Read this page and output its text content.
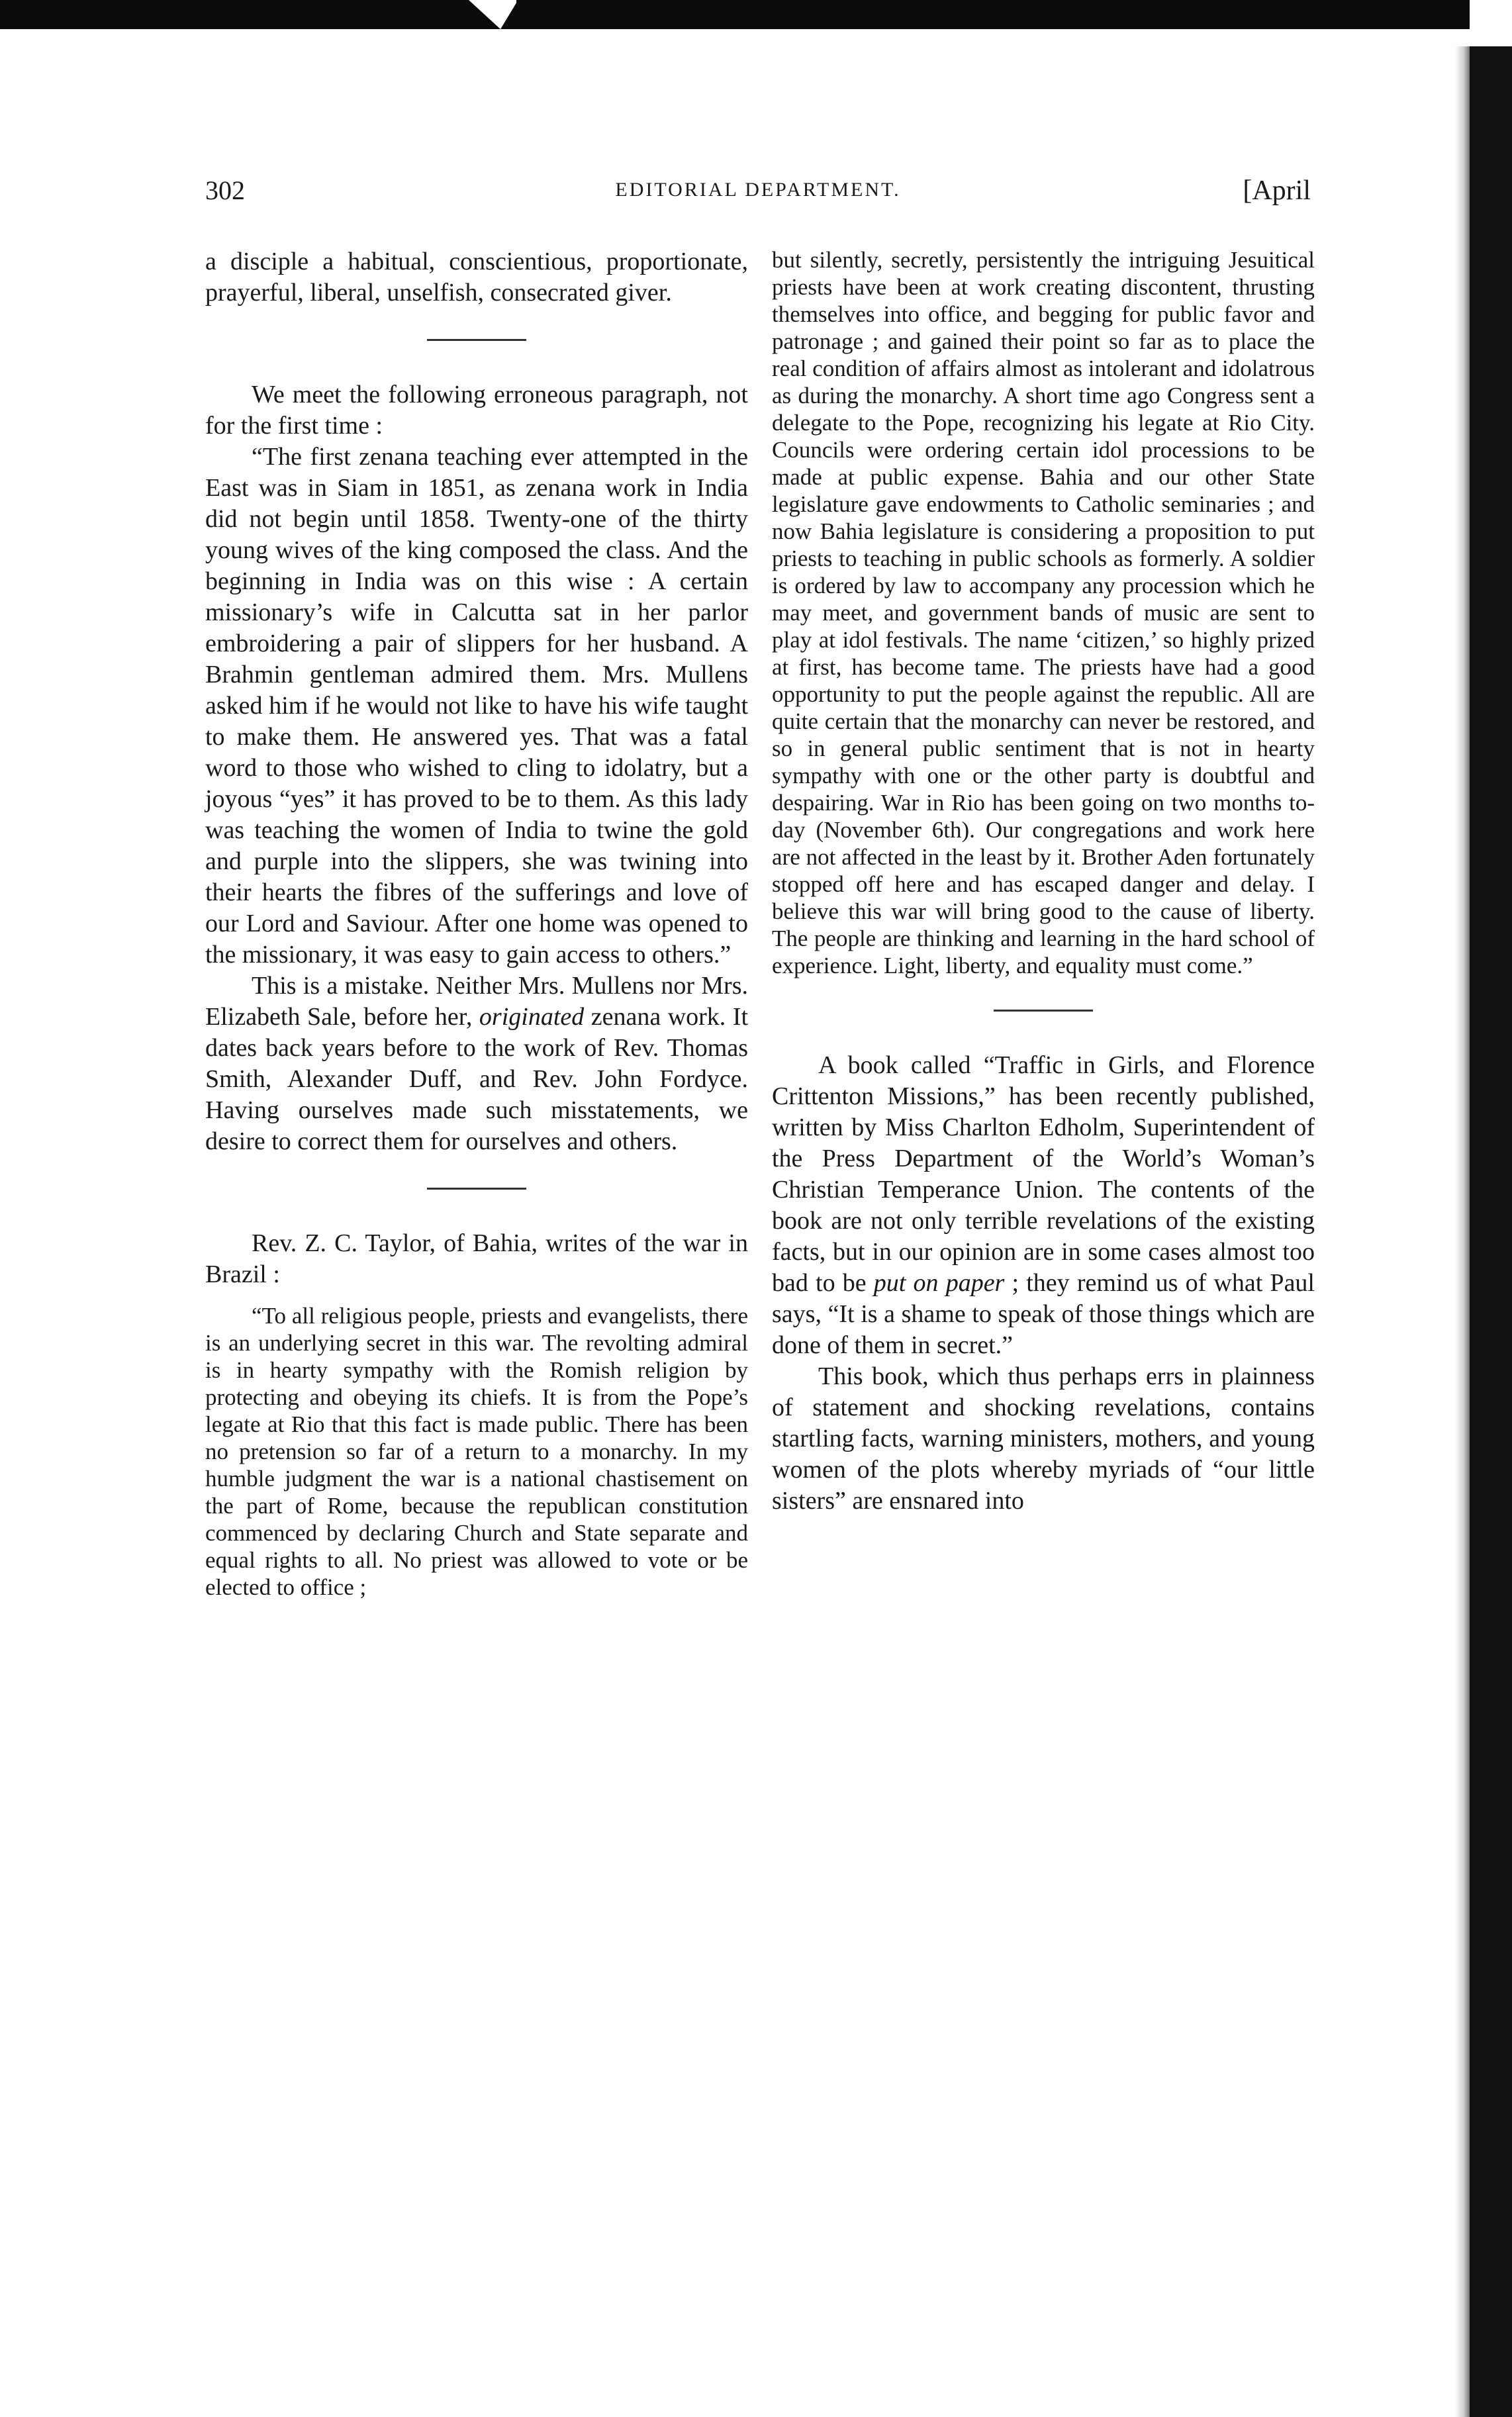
302	EDITORIAL DEPARTMENT.	[April

a disciple a habitual, conscientious, proportionate, prayerful, liberal, unselfish, consecrated giver.

We meet the following erroneous paragraph, not for the first time :

“The first zenana teaching ever attempted in the East was in Siam in 1851, as zenana work in India did not begin until 1858. Twenty-one of the thirty young wives of the king composed the class. And the beginning in India was on this wise : A certain missionary’s wife in Calcutta sat in her parlor embroidering a pair of slippers for her husband. A Brahmin gentleman admired them. Mrs. Mullens asked him if he would not like to have his wife taught to make them. He answered yes. That was a fatal word to those who wished to cling to idolatry, but a joyous “yes” it has proved to be to them. As this lady was teaching the women of India to twine the gold and purple into the slippers, she was twining into their hearts the fibres of the sufferings and love of our Lord and Saviour. After one home was opened to the missionary, it was easy to gain access to others.”

This is a mistake. Neither Mrs. Mullens nor Mrs. Elizabeth Sale, before her, originated zenana work. It dates back years before to the work of Rev. Thomas Smith, Alexander Duff, and Rev. John Fordyce. Having ourselves made such misstatements, we desire to correct them for ourselves and others.

Rev. Z. C. Taylor, of Bahia, writes of the war in Brazil :

“To all religious people, priests and evangelists, there is an underlying secret in this war. The revolting admiral is in hearty sympathy with the Romish religion by protecting and obeying its chiefs. It is from the Pope’s legate at Rio that this fact is made public. There has been no pretension so far of a return to a monarchy. In my humble judgment the war is a national chastisement on the part of Rome, because the republican constitution commenced by declaring Church and State separate and equal rights to all. No priest was allowed to vote or be elected to office ;

but silently, secretly, persistently the intriguing Jesuitical priests have been at work creating discontent, thrusting themselves into office, and begging for public favor and patronage ; and gained their point so far as to place the real condition of affairs almost as intolerant and idolatrous as during the monarchy. A short time ago Congress sent a delegate to the Pope, recognizing his legate at Rio City. Councils were ordering certain idol processions to be made at public expense. Bahia and our other State legislature gave endowments to Catholic seminaries ; and now Bahia legislature is considering a proposition to put priests to teaching in public schools as formerly. A soldier is ordered by law to accompany any procession which he may meet, and government bands of music are sent to play at idol festivals. The name ‘citizen,’ so highly prized at first, has become tame. The priests have had a good opportunity to put the people against the republic. All are quite certain that the monarchy can never be restored, and so in general public sentiment that is not in hearty sympathy with one or the other party is doubtful and despairing. War in Rio has been going on two months to-day (November 6th). Our congregations and work here are not affected in the least by it. Brother Aden fortunately stopped off here and has escaped danger and delay. I believe this war will bring good to the cause of liberty. The people are thinking and learning in the hard school of experience. Light, liberty, and equality must come.”

A book called “Traffic in Girls, and Florence Crittenton Missions,” has been recently published, written by Miss Charlton Edholm, Superintendent of the Press Department of the World’s Woman’s Christian Temperance Union. The contents of the book are not only terrible revelations of the existing facts, but in our opinion are in some cases almost too bad to be put on paper ; they remind us of what Paul says, “It is a shame to speak of those things which are done of them in secret.”

This book, which thus perhaps errs in plainness of statement and shocking revelations, contains startling facts, warning ministers, mothers, and young women of the plots whereby myriads of “our little sisters” are ensnared into
